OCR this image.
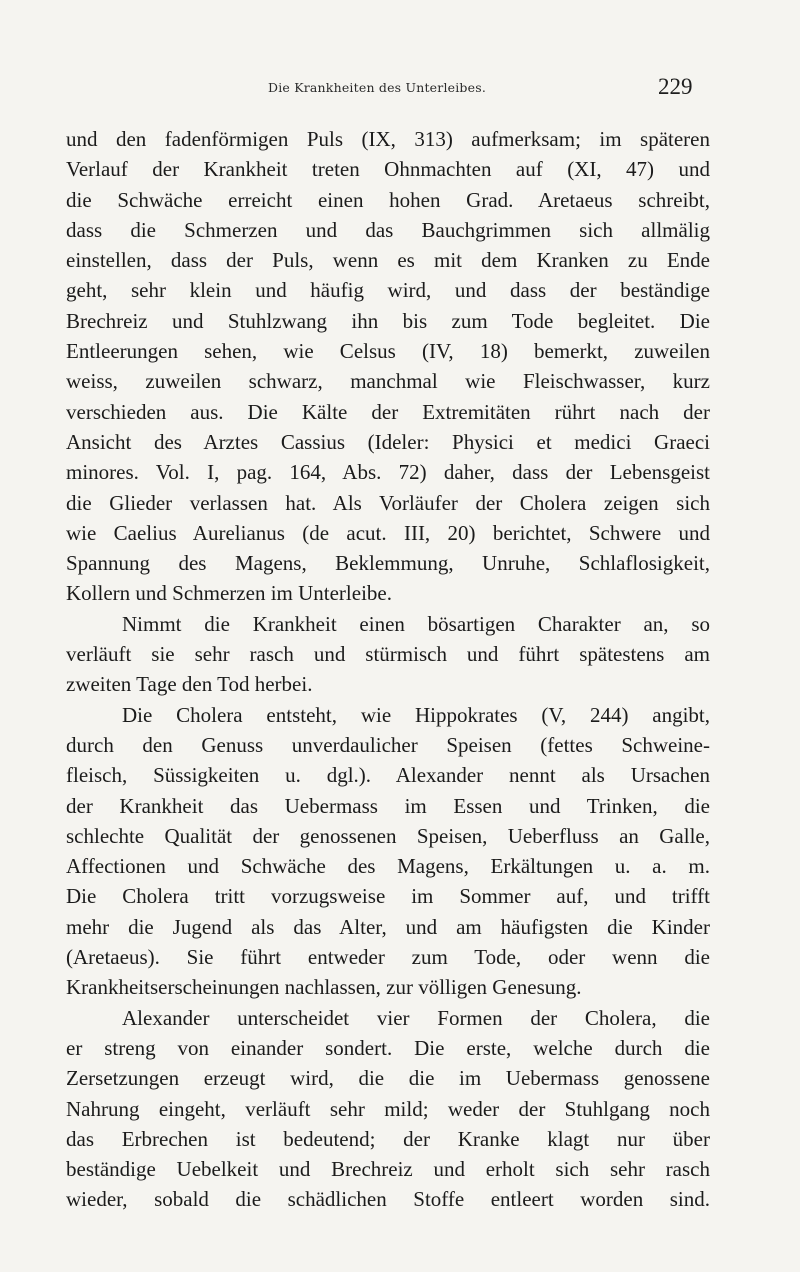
Die Krankheiten des Unterleibes.	229
und den fadenförmigen Puls (IX, 313) aufmerksam; im späteren
Verlauf der Krankheit treten Ohnmachten auf (XI, 47) und
die Schwäche erreicht einen hohen Grad. Aretaeus schreibt,
dass die Schmerzen und das Bauchgrimmen sich allmälig
einstellen, dass der Puls, wenn es mit dem Kranken zu Ende
geht, sehr klein und häufig wird, und dass der beständige
Brechreiz und Stuhlzwang ihn bis zum Tode begleitet. Die
Entleerungen sehen, wie Celsus (IV, 18) bemerkt, zuweilen
weiss, zuweilen schwarz, manchmal wie Fleischwasser, kurz
verschieden aus. Die Kälte der Extremitäten rührt nach der
Ansicht des Arztes Cassius (Ideler: Physici et medici Graeci
minores. Vol. I, pag. 164, Abs. 72) daher, dass der Lebensgeist
die Glieder verlassen hat. Als Vorläufer der Cholera zeigen sich
wie Caelius Aurelianus (de acut. III, 20) berichtet, Schwere und
Spannung des Magens, Beklemmung, Unruhe, Schlaflosigkeit,
Kollern und Schmerzen im Unterleibe.
Nimmt die Krankheit einen bösartigen Charakter an, so
verläuft sie sehr rasch und stürmisch und führt spätestens am
zweiten Tage den Tod herbei.
Die Cholera entsteht, wie Hippokrates (V, 244) angibt,
durch den Genuss unverdaulicher Speisen (fettes Schweine-
fleisch, Süssigkeiten u. dgl.). Alexander nennt als Ursachen
der Krankheit das Uebermass im Essen und Trinken, die
schlechte Qualität der genossenen Speisen, Ueberfluss an Galle,
Affectionen und Schwäche des Magens, Erkältungen u. a. m.
Die Cholera tritt vorzugsweise im Sommer auf, und trifft
mehr die Jugend als das Alter, und am häufigsten die Kinder
(Aretaeus). Sie führt entweder zum Tode, oder wenn die
Krankheitserscheinungen nachlassen, zur völligen Genesung.
Alexander unterscheidet vier Formen der Cholera, die
er streng von einander sondert. Die erste, welche durch die
Zersetzungen erzeugt wird, die die im Uebermass genossene
Nahrung eingeht, verläuft sehr mild; weder der Stuhlgang noch
das Erbrechen ist bedeutend; der Kranke klagt nur über
beständige Uebelkeit und Brechreiz und erholt sich sehr rasch
wieder, sobald die schädlichen Stoffe entleert worden sind.
